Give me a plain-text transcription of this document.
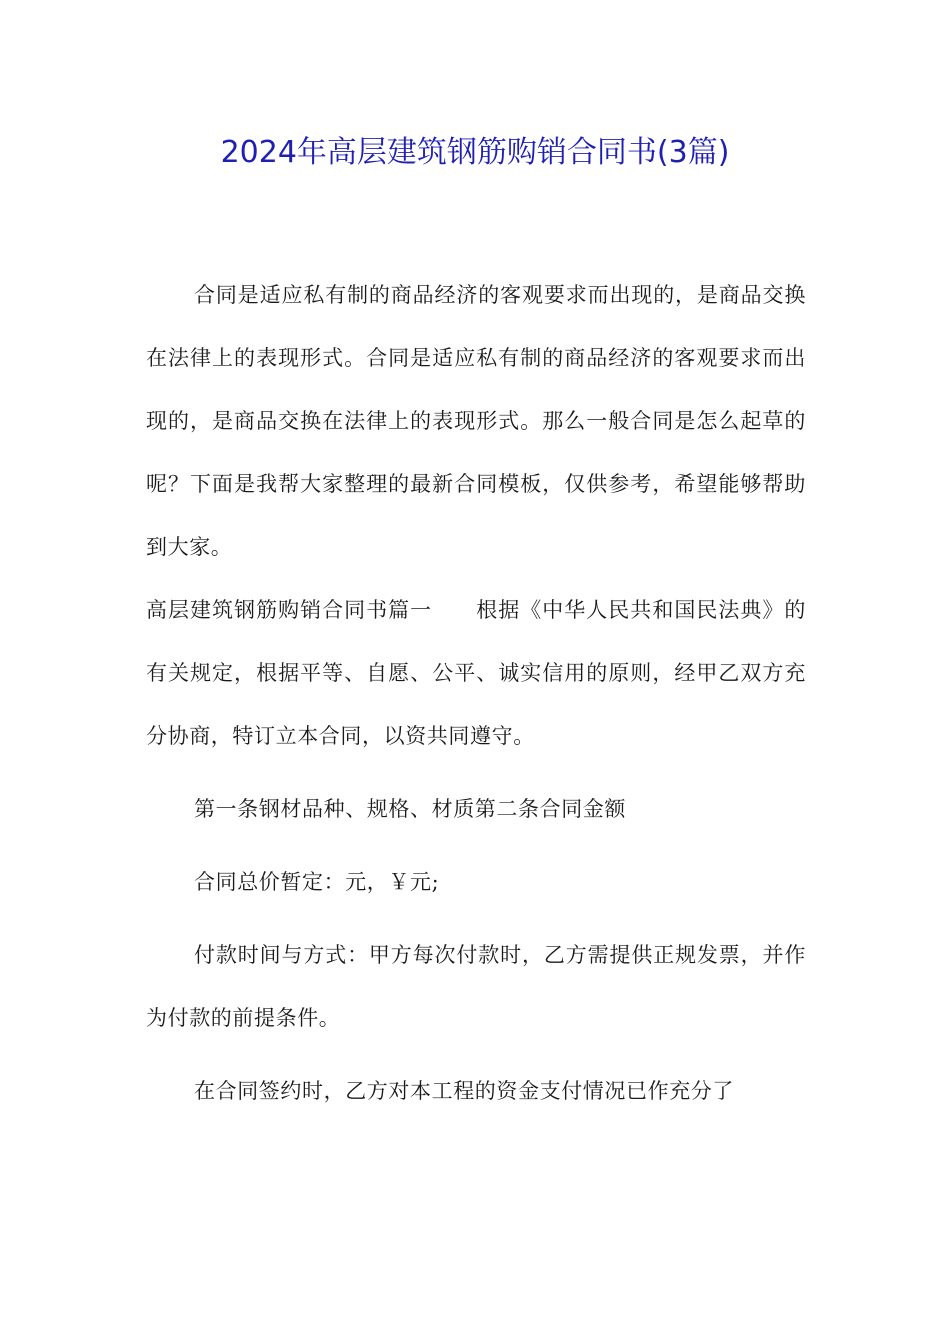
2024年高层建筑钢筋购销合同书(3篇)

合同是适应私有制的商品经济的客观要求而出现的，是商品交换在法律上的表现形式。合同是适应私有制的商品经济的客观要求而出现的，是商品交换在法律上的表现形式。那么一般合同是怎么起草的呢？下面是我帮大家整理的最新合同模板，仅供参考，希望能够帮助到大家。

高层建筑钢筋购销合同书篇一　　根据《中华人民共和国民法典》的有关规定，根据平等、自愿、公平、诚实信用的原则，经甲乙双方充分协商，特订立本合同，以资共同遵守。

第一条钢材品种、规格、材质第二条合同金额

合同总价暂定：元，￥元;

付款时间与方式：甲方每次付款时，乙方需提供正规发票，并作为付款的前提条件。

在合同签约时，乙方对本工程的资金支付情况已作充分了
